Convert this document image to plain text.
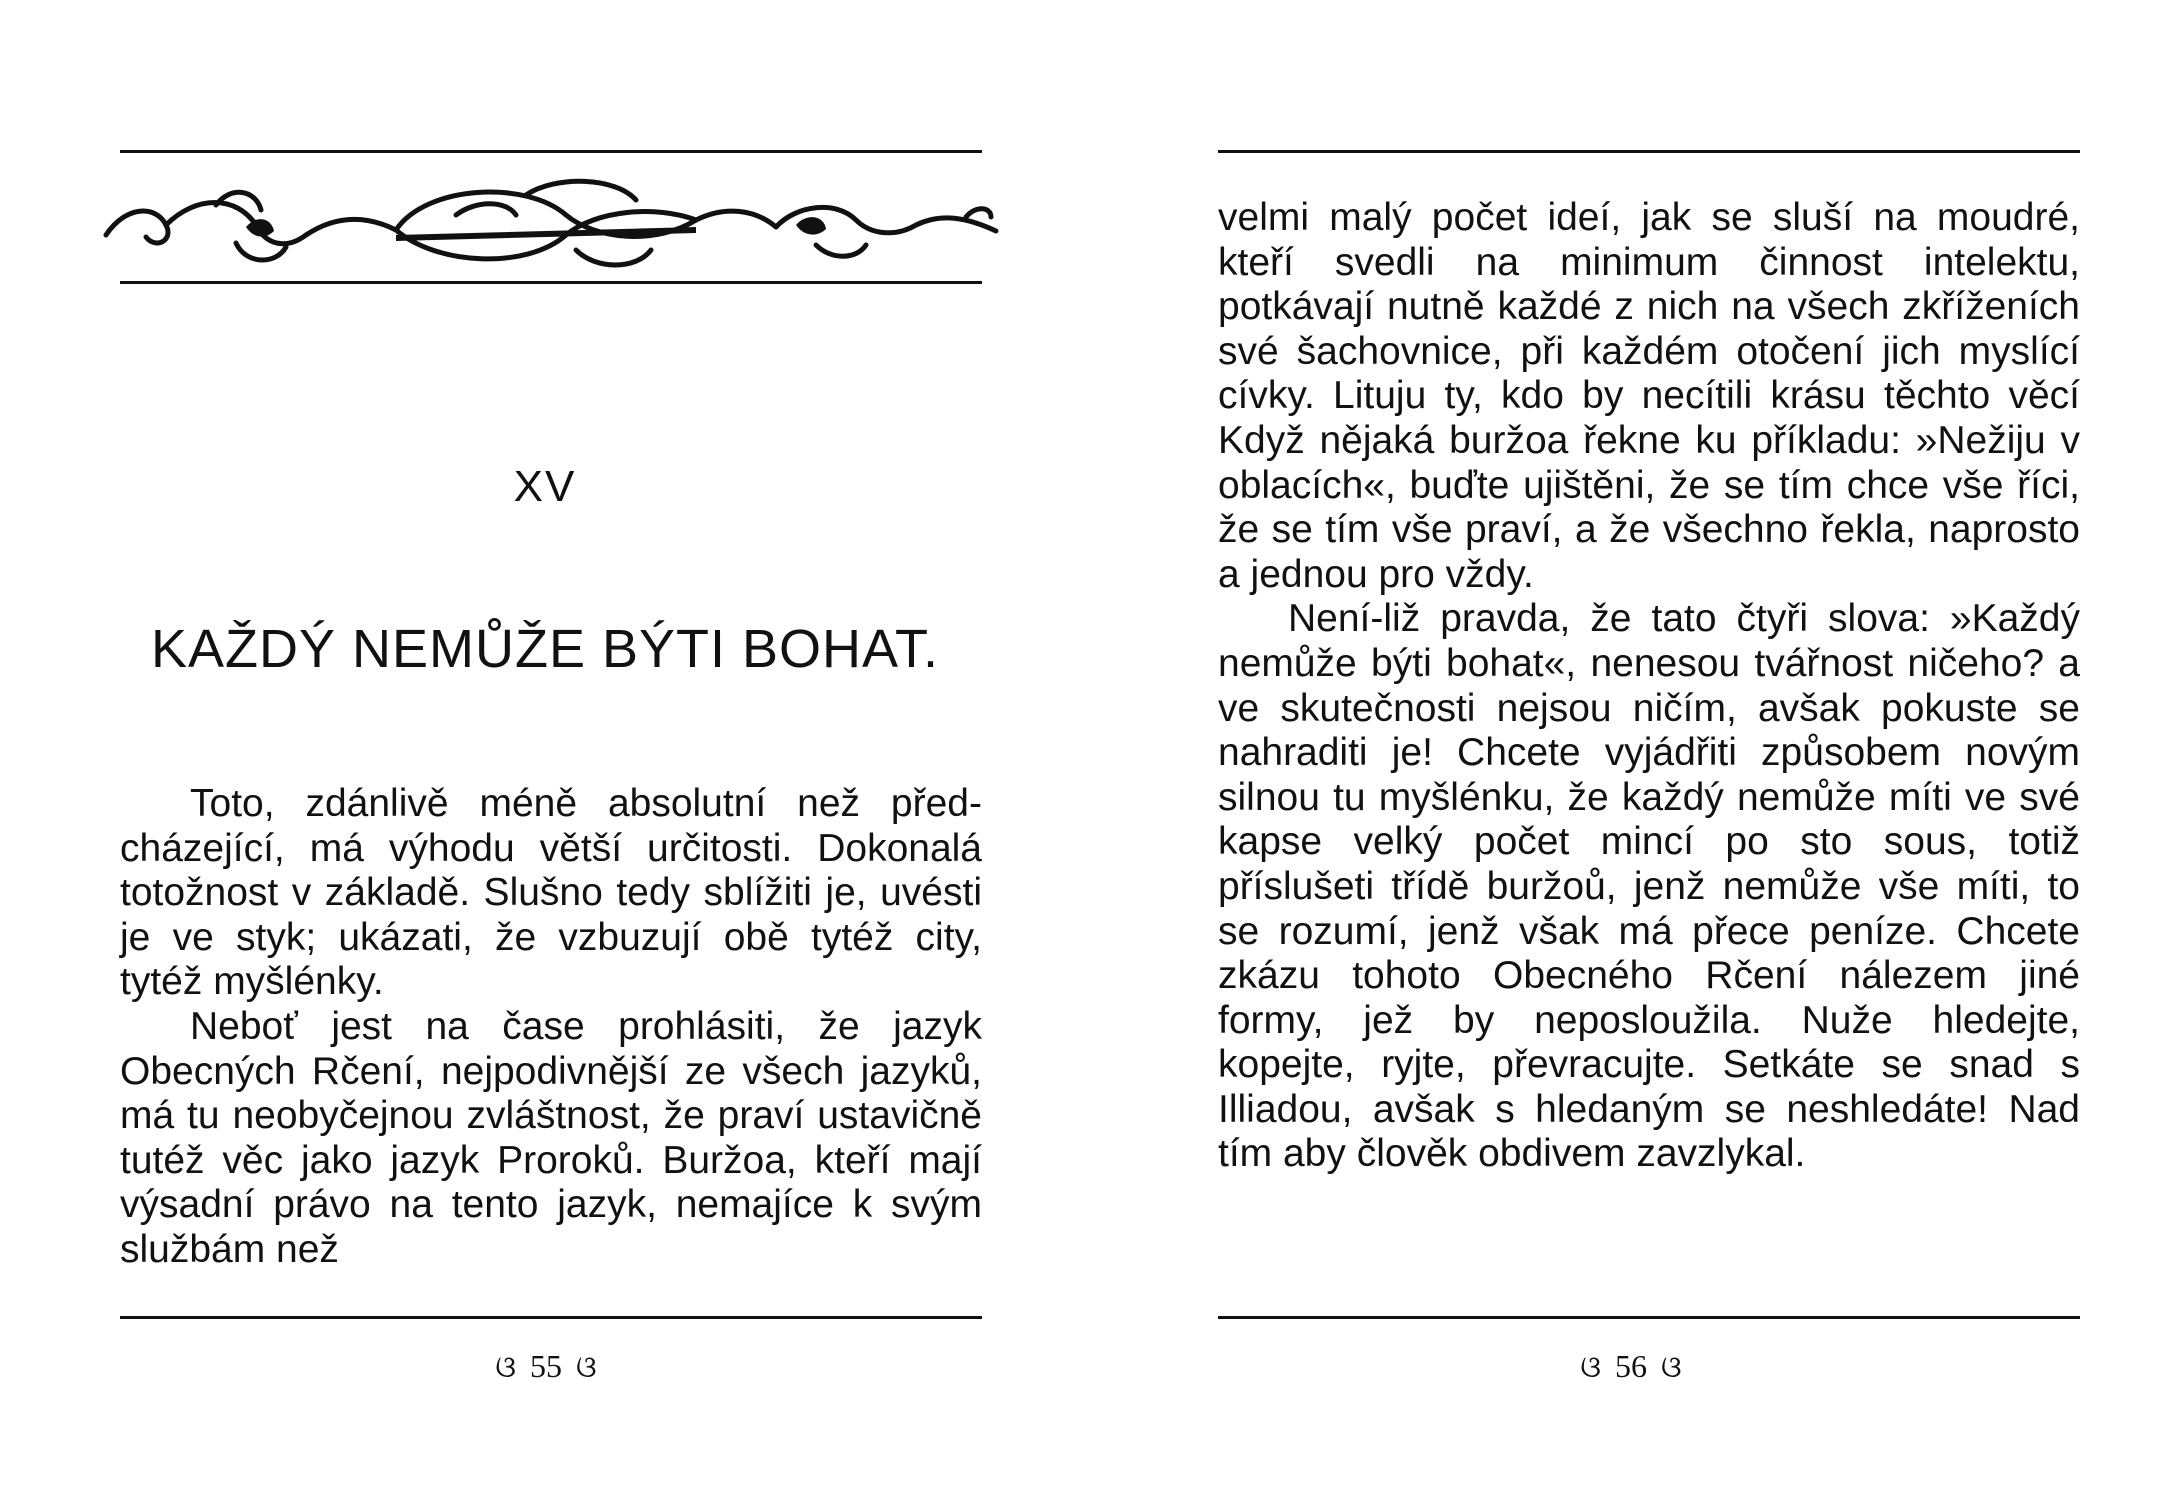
XV
KAŽDÝ NEMŮŽE BÝTI BOHAT.

Toto, zdánlivě méně absolutní než předcházející, má výhodu větší určitosti. Dokonalá totožnost v základě. Slušno tedy sblížiti je, uvésti je ve styk; ukázati, že vzbuzují obě tytéž city, tytéž myšlénky.

Neboť jest na čase prohlásiti, že jazyk Obecných Rčení, nejpodivnější ze všech jazyků, má tu neobyčejnou zvláštnost, že praví ustavičně tutéž věc jako jazyk Proroků. Buržoa, kteří mají výsadní právo na tento jazyk, nemajíce k svým službám než

ଓ 55 ଓ

velmi malý počet ideí, jak se sluší na moudré, kteří svedli na minimum činnost intelektu, potkávají nutně každé z nich na všech zkříženích své šachovnice, při každém otočení jich myslící cívky. Lituju ty, kdo by necítili krásu těchto věcí Když nějaká buržoa řekne ku příkladu: »Nežiju v oblacích«, buďte ujištěni, že se tím chce vše říci, že se tím vše praví, a že všechno řekla, naprosto a jednou pro vždy.

Není-liž pravda, že tato čtyři slova: »Každý nemůže býti bohat«, nenesou tvářnost ničeho? a ve skutečnosti nejsou ničím, avšak pokuste se nahraditi je! Chcete vyjádřiti způsobem novým silnou tu myšlénku, že každý nemůže míti ve své kapse velký počet mincí po sto sous, totiž příslušeti třídě buržoů, jenž nemůže vše míti, to se rozumí, jenž však má přece peníze. Chcete zkázu tohoto Obecného Rčení nálezem jiné formy, jež by neposloužila. Nuže hledejte, kopejte, ryjte, převracujte. Setkáte se snad s Illiadou, avšak s hledaným se neshledáte! Nad tím aby člověk obdivem zavzlykal.

ଓ 56 ଓ
